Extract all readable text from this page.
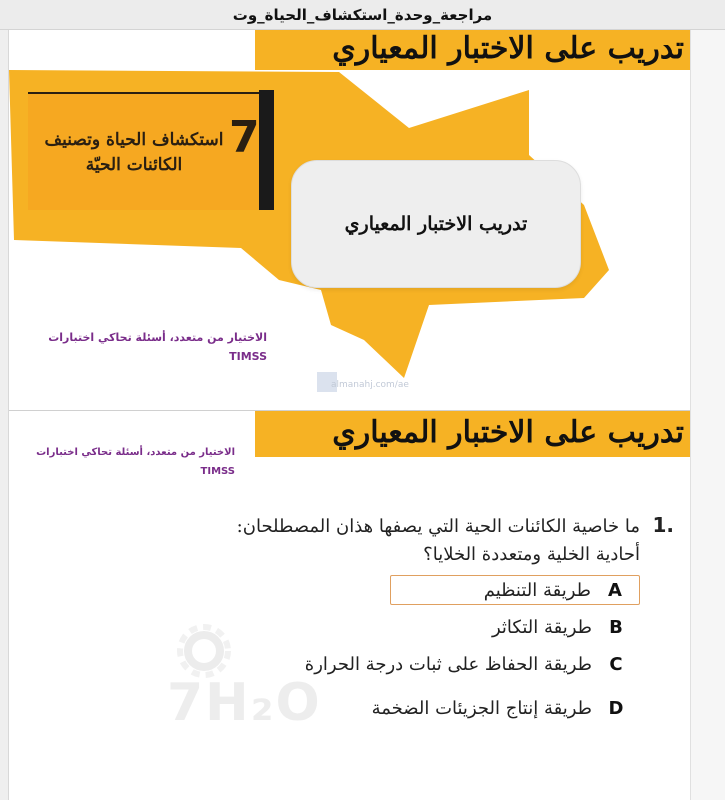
مراجعة_وحدة_استكشاف_الحياة_وت
تدريب على الاختبار المعياري
7
استكشاف الحياة وتصنيف الكائنات الحيّة
تدريب الاختبار المعياري
الاختيار من متعدد، أسئلة تحاكي اختبارات
TIMSS
almanahj.com/ae
تدريب على الاختبار المعياري
الاختيار من متعدد، أسئلة تحاكي اختبارات
TIMSS
7H₂O
1.
ما خاصية الكائنات الحية التي يصفها هذان المصطلحان: أحادية الخلية ومتعددة الخلايا؟
A
طريقة التنظيم
B
طريقة التكاثر
C
طريقة الحفاظ على ثبات درجة الحرارة
D
طريقة إنتاج الجزيئات الضخمة
